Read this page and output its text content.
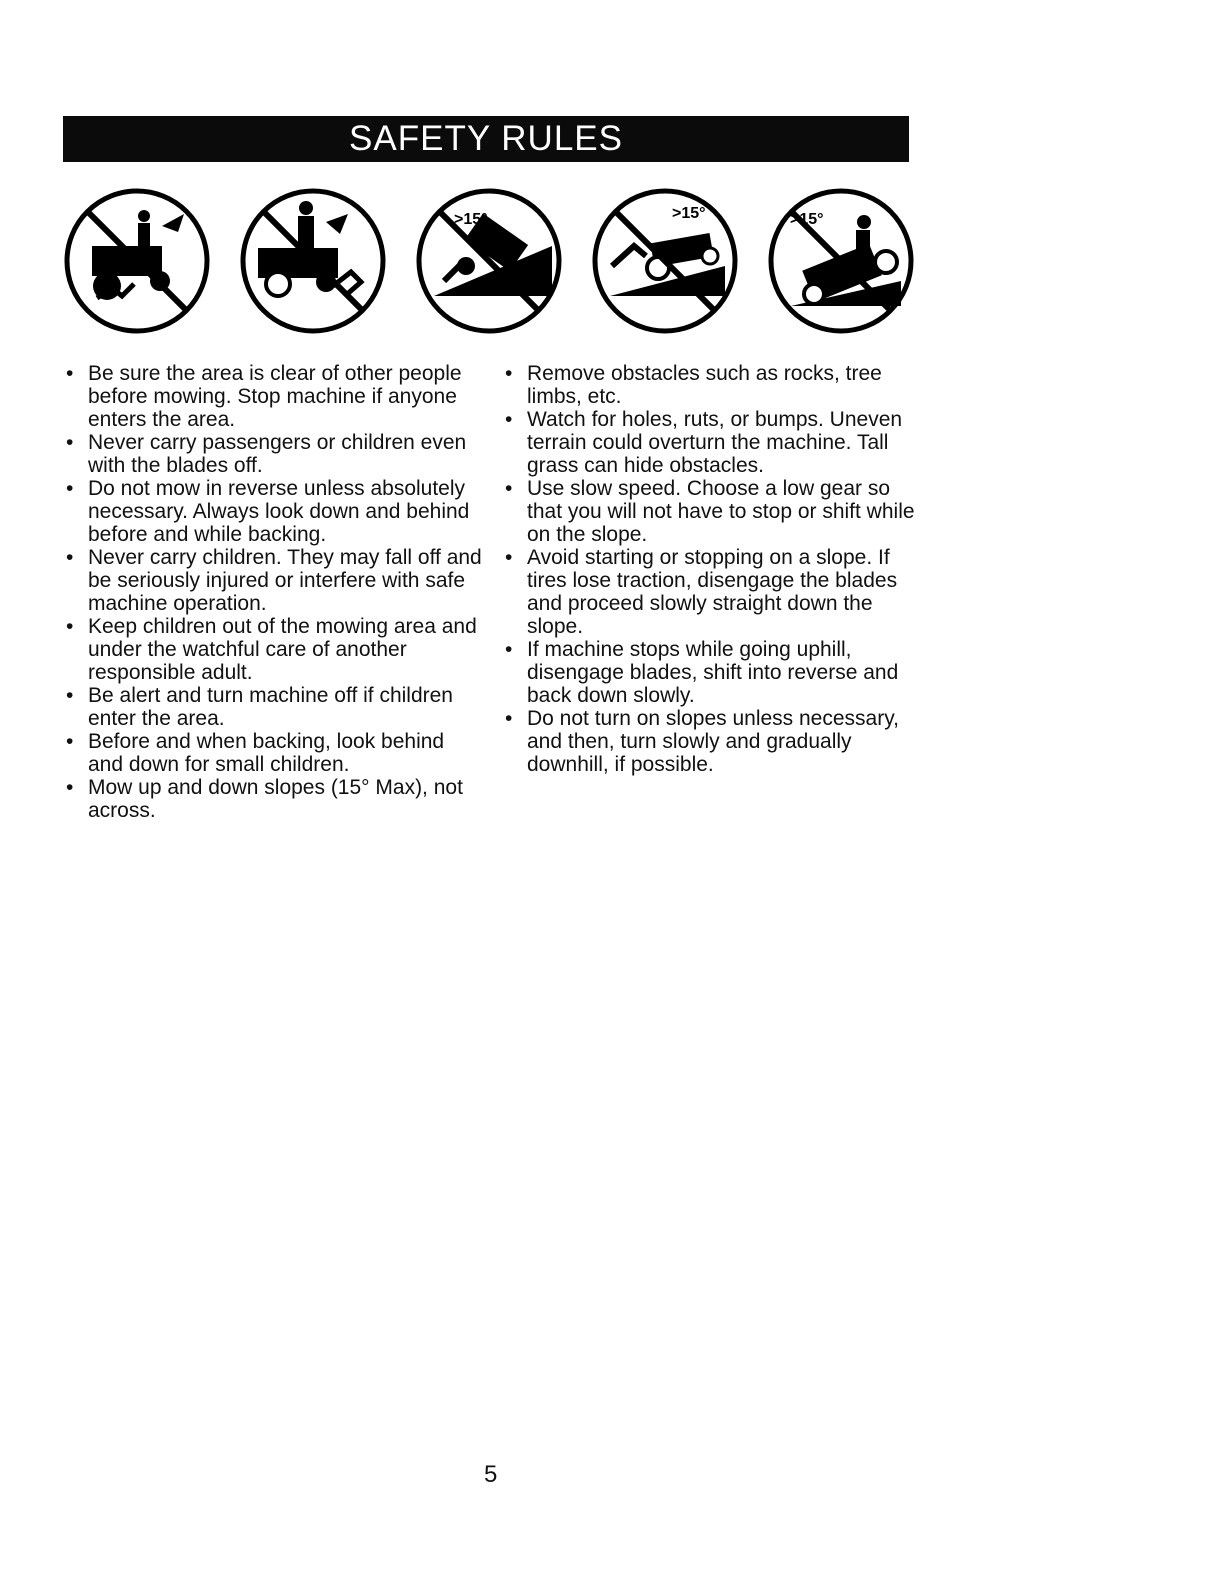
SAFETY RULES
>15°	>15°	>15°
• Be sure the area is clear of other people before mowing. Stop machine if anyone enters the area.
• Never carry passengers or children even with the blades off.
• Do not mow in reverse unless absolutely necessary. Always look down and behind before and while backing.
• Never carry children. They may fall off and be seriously injured or interfere with safe machine operation.
• Keep children out of the mowing area and under the watchful care of another responsible adult.
• Be alert and turn machine off if children enter the area.
• Before and when backing, look behind and down for small children.
• Mow up and down slopes (15° Max), not across.
• Remove obstacles such as rocks, tree limbs, etc.
• Watch for holes, ruts, or bumps. Uneven terrain could overturn the machine. Tall grass can hide obstacles.
• Use slow speed. Choose a low gear so that you will not have to stop or shift while on the slope.
• Avoid starting or stopping on a slope. If tires lose traction, disengage the blades and proceed slowly straight down the slope.
• If machine stops while going uphill, disengage blades, shift into reverse and back down slowly.
• Do not turn on slopes unless necessary, and then, turn slowly and gradually downhill, if possible.
5
